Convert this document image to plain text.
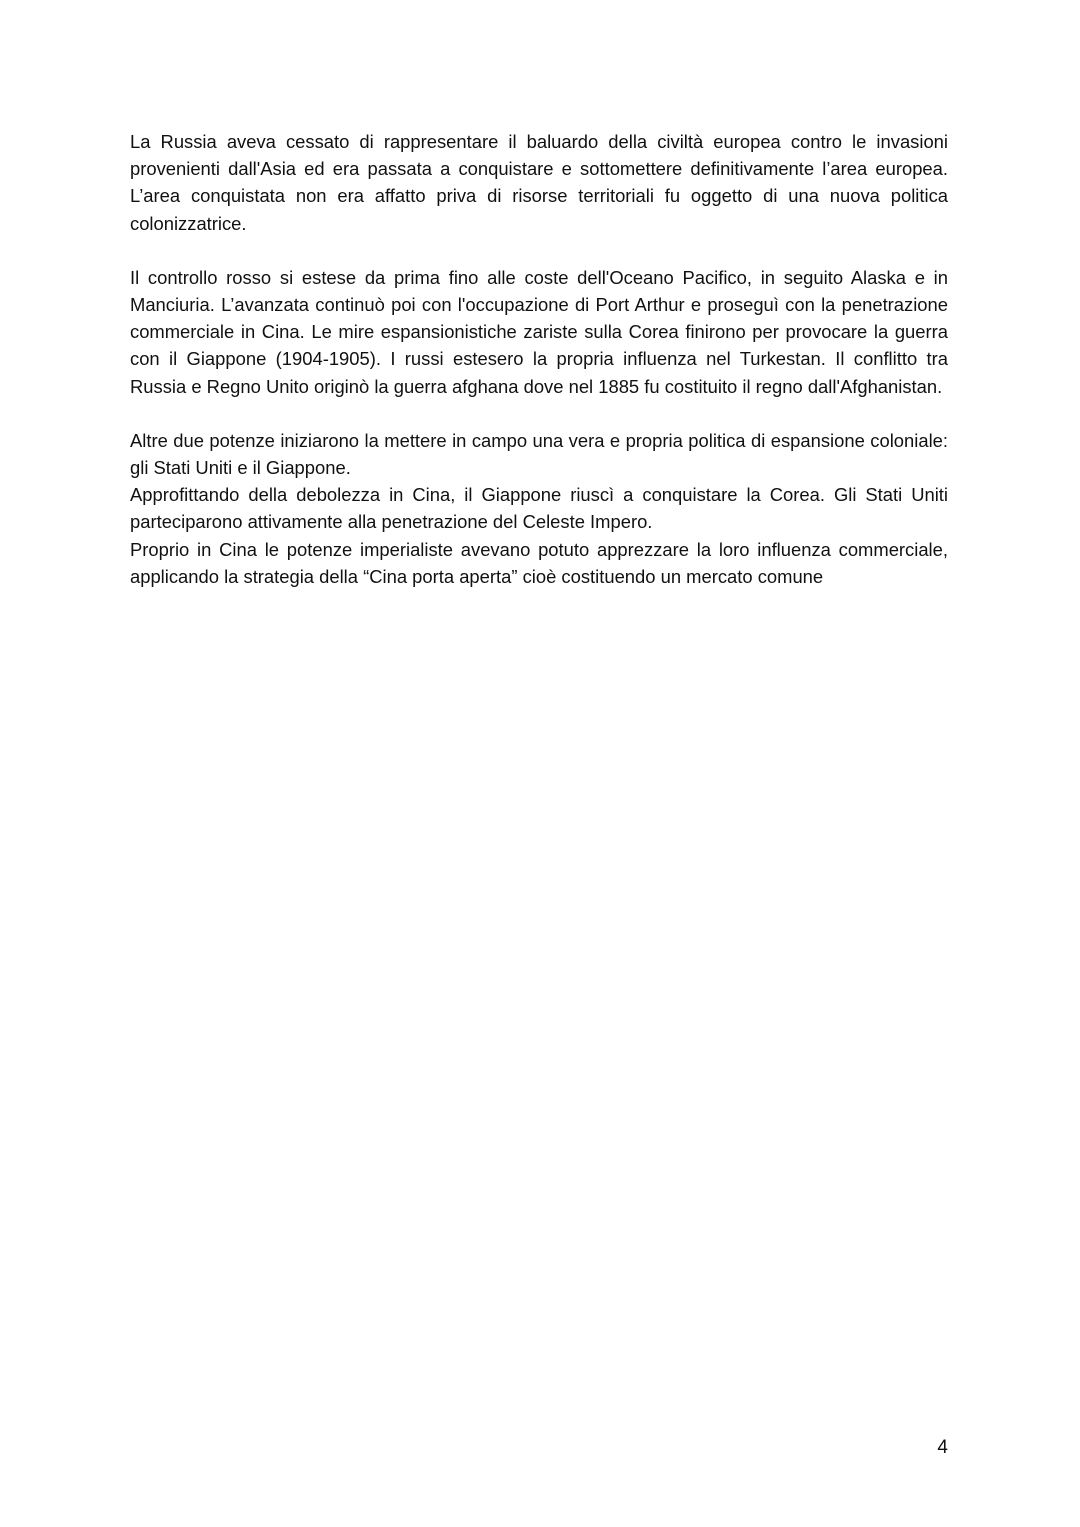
La Russia aveva cessato di rappresentare il baluardo della civiltà europea contro le invasioni provenienti dall'Asia ed era passata a conquistare e sottomettere definitivamente l’area europea. L’area conquistata non era affatto priva di risorse territoriali fu oggetto di una nuova politica colonizzatrice.

Il controllo rosso si estese da prima fino alle coste dell'Oceano Pacifico, in seguito Alaska e in Manciuria. L’avanzata continuò poi con l'occupazione di Port Arthur e proseguì con la penetrazione commerciale in Cina. Le mire espansionistiche zariste sulla Corea finirono per provocare la guerra con il Giappone (1904-1905). I russi estesero la propria influenza nel Turkestan. Il conflitto tra Russia e Regno Unito originò la guerra afghana dove nel 1885 fu costituito il regno dall'Afghanistan.

Altre due potenze iniziarono la mettere in campo una vera e propria politica di espansione coloniale: gli Stati Uniti e il Giappone.

Approfittando della debolezza in Cina, il Giappone riuscì a conquistare la Corea. Gli Stati Uniti parteciparono attivamente alla penetrazione del Celeste Impero.

Proprio in Cina le potenze imperialiste avevano potuto apprezzare la loro influenza commerciale, applicando la strategia della “Cina porta aperta” cioè costituendo un mercato comune

4
